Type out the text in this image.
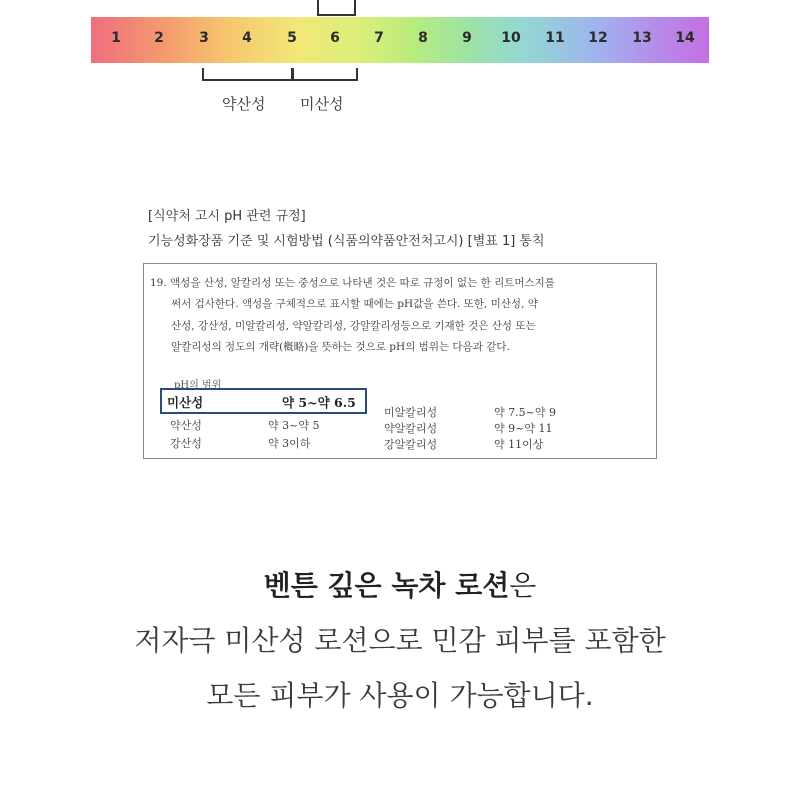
1	2	3	4	5	6	7	8	9	10	11	12	13	14
약산성 미산성
[식약처 고시 pH 관련 규정]
기능성화장품 기준 및 시험방법 (식품의약품안전처고시) [별표 1] 통칙
19. 액성을 산성, 알칼리성 또는 중성으로 나타낸 것은 따로 규정이 없는 한 리트머스지를
써서 검사한다. 액성을 구체적으로 표시할 때에는 pH값을 쓴다. 또한, 미산성, 약
산성, 강산성, 미알칼리성, 약알칼리성, 강알칼리성등으로 기재한 것은 산성 또는
알칼리성의 정도의 개략(槪略)을 뜻하는 것으로 pH의 범위는 다음과 같다.
pH의 범위
미산성	약 5~약 6.5
약산성	약 3~약 5
강산성	약 3이하
미알칼리성	약 7.5~약 9
약알칼리성	약 9~약 11
강알칼리성	약 11이상
벤튼 깊은 녹차 로션은
저자극 미산성 로션으로 민감 피부를 포함한
모든 피부가 사용이 가능합니다.
